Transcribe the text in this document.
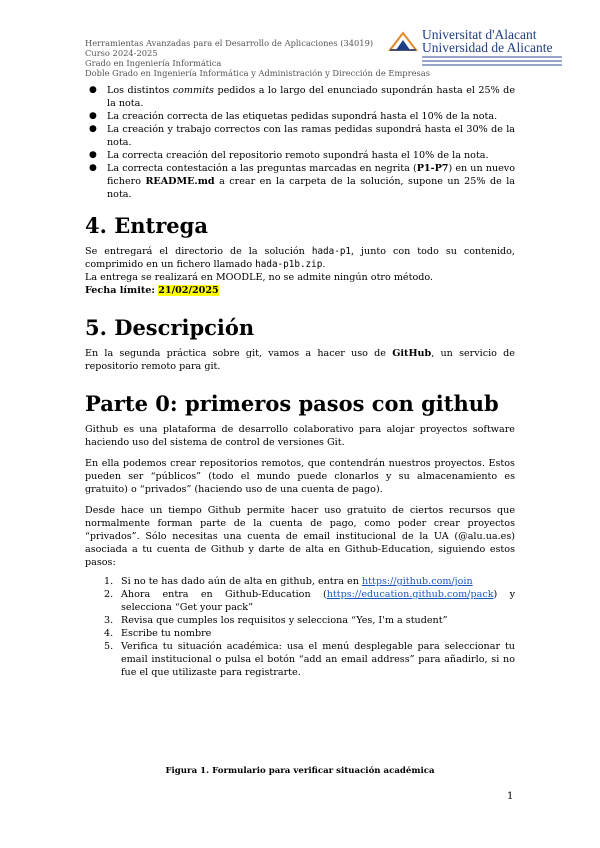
Herramientas Avanzadas para el Desarrollo de Aplicaciones (34019)
Curso 2024-2025
Grado en Ingeniería Informática
Doble Grado en Ingeniería Informática y Administración y Dirección de Empresas
Universitat d'Alacant
Universidad de Alicante
● Los distintos commits pedidos a lo largo del enunciado supondrán hasta el 25% de la nota.
● La creación correcta de las etiquetas pedidas supondrá hasta el 10% de la nota.
● La creación y trabajo correctos con las ramas pedidas supondrá hasta el 30% de la nota.
● La correcta creación del repositorio remoto supondrá hasta el 10% de la nota.
● La correcta contestación a las preguntas marcadas en negrita (P1-P7) en un nuevo fichero README.md a crear en la carpeta de la solución, supone un 25% de la nota.
4. Entrega

Se entregará el directorio de la solución hada-p1, junto con todo su contenido, comprimido en un fichero llamado hada-p1b.zip.

La entrega se realizará en MOODLE, no se admite ningún otro método.

Fecha límite: 21/02/2025

5. Descripción

En la segunda práctica sobre git, vamos a hacer uso de GitHub, un servicio de repositorio remoto para git.

Parte 0: primeros pasos con github

Github es una plataforma de desarrollo colaborativo para alojar proyectos software haciendo uso del sistema de control de versiones Git.

En ella podemos crear repositorios remotos, que contendrán nuestros proyectos. Estos pueden ser “públicos” (todo el mundo puede clonarlos y su almacenamiento es gratuito) o “privados” (haciendo uso de una cuenta de pago).

Desde hace un tiempo Github permite hacer uso gratuito de ciertos recursos que normalmente forman parte de la cuenta de pago, como poder crear proyectos “privados”. Sólo necesitas una cuenta de email institucional de la UA (@alu.ua.es) asociada a tu cuenta de Github y darte de alta en Github-Education, siguiendo estos pasos:

1. Si no te has dado aún de alta en github, entra en https://github.com/join
2. Ahora entra en Github-Education (https://education.github.com/pack) y selecciona “Get your pack”
3. Revisa que cumples los requisitos y selecciona “Yes, I'm a student”
4. Escribe tu nombre
5. Verifica tu situación académica: usa el menú desplegable para seleccionar tu email institucional o pulsa el botón “add an email address” para añadirlo, si no fue el que utilizaste para registrarte.
Figura 1. Formulario para verificar situación académica
1
